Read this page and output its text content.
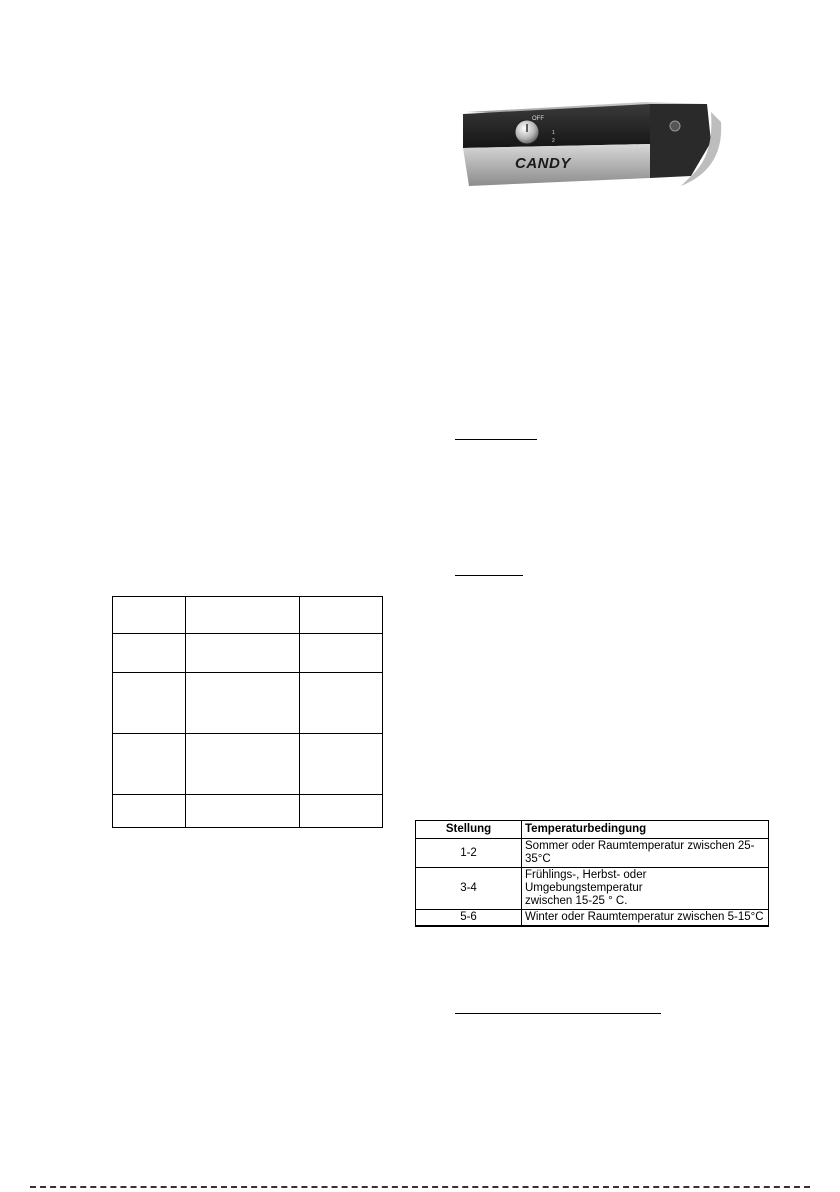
OFF
1
2
CANDY

Stellung	Temperaturbedingung
1-2	Sommer oder Raumtemperatur zwischen 25-35°C
3-4	Frühlings-, Herbst- oder Umgebungstemperatur
zwischen 15-25 ° C.
5-6	Winter oder Raumtemperatur zwischen 5-15°C
